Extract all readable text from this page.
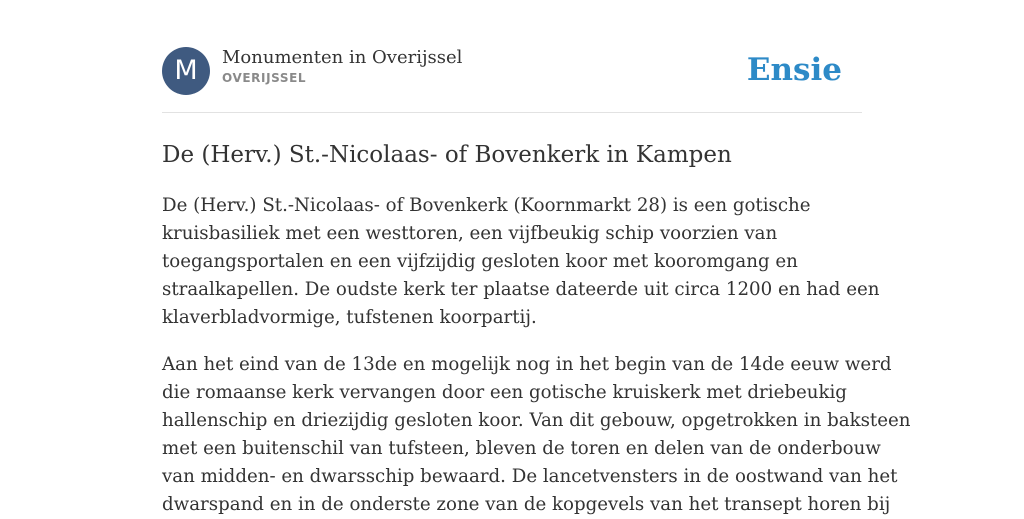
M	Monumenten in Overijssel
OVERIJSSEL	Ensie
De (Herv.) St.-Nicolaas- of Bovenkerk in Kampen

De (Herv.) St.-Nicolaas- of Bovenkerk (Koornmarkt 28) is een gotische
kruisbasiliek met een westtoren, een vijfbeukig schip voorzien van
toegangsportalen en een vijfzijdig gesloten koor met kooromgang en
straalkapellen. De oudste kerk ter plaatse dateerde uit circa 1200 en had een
klaverbladvormige, tufstenen koorpartij.

Aan het eind van de 13de en mogelijk nog in het begin van de 14de eeuw werd
die romaanse kerk vervangen door een gotische kruiskerk met driebeukig
hallenschip en driezijdig gesloten koor. Van dit gebouw, opgetrokken in baksteen
met een buitenschil van tufsteen, bleven de toren en delen van de onderbouw
van midden- en dwarsschip bewaard. De lancetvensters in de oostwand van het
dwarspand en in de onderste zone van de kopgevels van het transept horen bij
